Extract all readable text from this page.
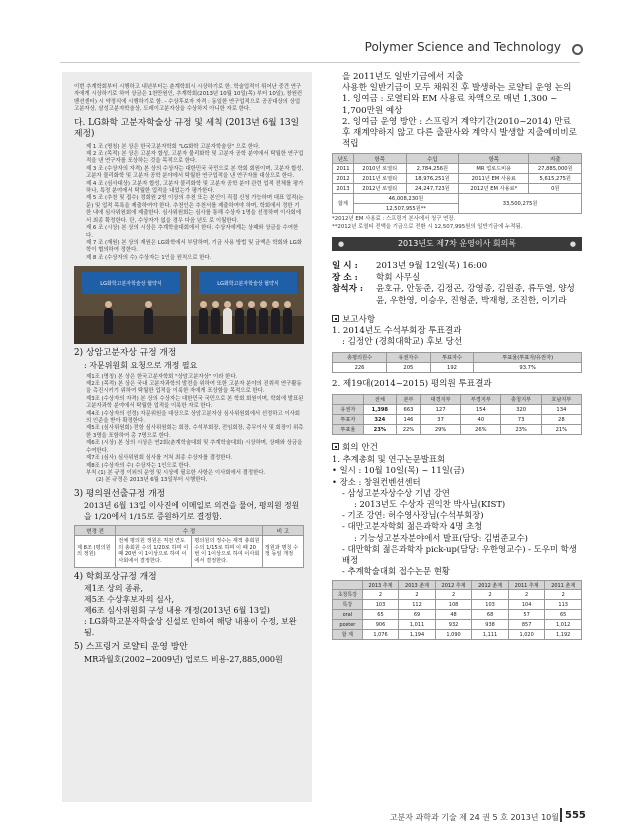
Polymer Science and Technology

이번 추계학회부터 시행하고 내년부터는 춘계학회시 시상하기로 한. 학술업적이 뛰어난 중견 연구자에게 시상하기로 하여 상금은 1천만원인, 추계학회(2013년 10월 10일(목) 부터 10일), 창원컨벤션센터) 시 약정식에 시행하기로 함. - 수상후보자 자격 : 동일한 연구업적으로 공공대상의 상업고분자상, 삼성고분자학술상, 도레이고분자상을 수상하지 아니한 자로 한다.

다. LG화학 고분자학술상 규정 및 세칙 (2013년 6월 13일 제정)

제 1 조 (명칭) 본 상은 한국고분자학회 "LG화학 고분자학술상" 으로 한다.

제 2 조 (목적) 본 상은 고분자 합성, 고분자 물리화학 및 고분자 공학 분야에서 탁월한 연구업적을 낸 연구자를 포상하는 것을 목적으로 한다.

제 3 조 (수상자의 자격) 본 상의 수상자는 대한민국 국민으로 본 학회 회원이며, 고분자 합성, 고분자 물리화학 및 고분자 공학 분야에서 탁월한 연구업적을 낸 연구자를 대상으로 한다.

제 4 조 (심사대상) 고분자 합성, 고분자 물리화학 및 고분자 공학 분야 관련 업적 전체를 평가하나, 특정 분야에서 탁월한 업적을 내었는가 평가한다.

제 5 조 (추천 및 접수) 정회원 2명 이상의 추천 또는 본인이 직접 신청 가능하며 대표 업적(논문) 및 업적 목록을 제출하여야 한다. 추천인은 추천서를 제출하여야 하며, 학회에서 정한 기한 내에 심사위원회에 제출한다. 심사위원회는 심사를 통해 수상자 1명을 선정하며 이사회에서 최종 확정한다. 단, 수상자가 없을 경우 다음 년도 로 이월한다.

제 6 조 (시상) 본 상의 시상은 추계학술대회에서 한다. 수상자에게는 상패와 상금을 수여한다.

제 7 조 (재원) 본 상의 재원은 LG화학에서 부담하며, 기금 사용 방법 및 금액은 학회와 LG화학이 협의하여 정한다.

제 8 조 (수상자의 수) 수상자는 1인을 원칙으로 한다.

LG화학고분자학술상 협약식	LG화학고분자학술상 협약식
2) 상암고분자상 규정 개정
: 자문위원회 요청으로 개정 필요

제1조 (명칭) 본 상은 한국고분자학회 "상암고분자상" 이라 한다.

제2조 (목적) 본 상은 국내 고분자과학의 발전을 위하여 또한 고분자 분야의 진취적 연구활동을 촉진시키기 위하여 탁월한 업적을 이룩한 자에게 포상함을 목적으로 한다.

제3조 (수상자의 자격) 본 상의 수상자는 대한민국 국민으로 본 학회 회원이며, 학회에 발표된 고분자과학 분야에서 탁월한 업적을 이룩한 자로 한다.

제4조 (수상자의 선정) 자문위원을 대상으로 상암고분자상 심사위원회에서 선정하고 이사회의 인준을 받아 확정한다.

제5조 (심사위원회) 전항 심사위원회는 회장, 수석부회장, 전임회장, 총무이사 및 회장이 위촉한 3명을 포함하여 총 7명으로 한다.

제6조 (시상) 본 상의 시상은 연2회(춘계학술대회 및 추계학술대회) 시상하며, 상패와 상금을 수여한다.

제7조 (심사) 심사위원회 심사를 거쳐 최종 수상자를 결정한다.

제8조 (수상자의 수) 수상자는 1인으로 한다.

부칙 (1) 본 규정 이외의 운영 및 시상에 필요한 사항은 이사회에서 결정한다.

(2) 본 규정은 2013년 6월 13일부터 시행한다.

3) 평의원선출규정 개정

2013년 6월 13일 이사진에 이메일로 의견을 물어, 평의원 정원을 1/20에서 1/15로 증원하기로 결정함.

변경 전	수 정		비 고
제 8조 (평의원의 정원)	전체 평의원 정원은 직전 연도의 총회원 수의 1/20로 하며 이 때 20번 이 1이상으로 하여 이사회에서 결정한다.	평의원의 정수는 재적 총회원 수의 1/15로 하며 이 때 20번 이 1이상으로 하여 이사회에서 결정한다.	정원과 명칭 수정 동일 개정
4) 학회포상규정 개정

제1조 상의 종류,

제5조 수상후보자의 심사,

제6조 심사위원회 구성 내용 개정(2013년 6월 13일)

: LG화학고분자학술상 신설로 인하여 해당 내용이 수정, 보완됨.

5) 스프링거 로얄티 운영 방안

MR과월호(2002~2009년) 업로드 비용-27,885,000원

을 2011년도 일반기금에서 지출

사용한 일반기금이 모두 채워진 후 발생하는 로얄티 운영 논의

1. 잉여금 : 로열티와 EM 사용료 차액으로 매년 1,300 ~ 1,700만원 예상

2. 잉여금 운영 방안 : 스프링거 계약기간(2010~2014) 만료 후 재계약하지 않고 다른 출판사와 계약시 발생할 지출예비비로 적립

년도	항목	수입	항목	지출
2011	2010년 로열티	2,784,256원	MR 업로드비용	27,885,000원
2012	2011년 로열티	18,976,251원	2011년 EM 사용료	5,615,275원
2013	2012년 로열티	24,247,723원	2012년 EM 사용료*	0원
합계	46,008,230원		33,500,275원	
	12,507,955원**			

*2012년 EM 사용료 : 스프링거 본사에서 청구 연장.

**2012년 로열티 전액을 기금으로 전환 시 12,507,995원의 일반기금에 누적됨.

● 2013년도 제7차 운영이사 회의록 ●
일 시 :	2013년 9월 12일(목) 16:00
장 소 :	학회 사무실
참석자 :	윤호규, 안동준, 김정곤, 강영종, 김원종, 류두열, 양성윤, 우한영, 이승우, 진형준, 박재형, 조진한, 이기라
보고사항

1. 2014년도 수석부회장 투표결과

: 김정안 (경희대학교) 후보 당선

총평의원수	유권자수	투표자수	투표율(투표자/유권자)
226	205	192	93.7%

2. 제19대(2014~2015) 평의원 투표결과

	전체	본부	대경지부	부경지부	충청지부	호남지부
유권자	1,398	663	127	154	320	134
투표자	324	146	37	40	73	28
투표율	23%	22%	29%	26%	23%	21%
회의 안건

1. 추계총회 및 연구논문발표회

• 일시 : 10월 10일(목) ~ 11일(금)

• 장소 : 창원컨벤션센터

- 삼성고분자상수상 기념 강연

: 2013년도 수상자 권익찬 박사님(KIST)

- 기조 강연: 허수영사장님(수석부회장)

- 대만고분자학회 젊은과학자 4명 초청

: 기능성고분자분야에서 발표(담당: 김범준교수)

- 대만학회 젊은과학자 pick-up(담당: 우한영교수) - 도우미 학생배정

- 추계학술대회 접수논문 현황

	2013 추계	2013 춘계	2012 추계	2012 춘계	2011 추계	2011 춘계
초청특강	2	2	2	2	2	2
특강	103	112	108	103	104	113
oral	65	69	48	68	57	65
poster	906	1,011	932	938	857	1,012
합 계	1,076	1,194	1,090	1,111	1,020	1,192
고분자 과학과 기술 제 24 권 5 호 2013년 10월 555
